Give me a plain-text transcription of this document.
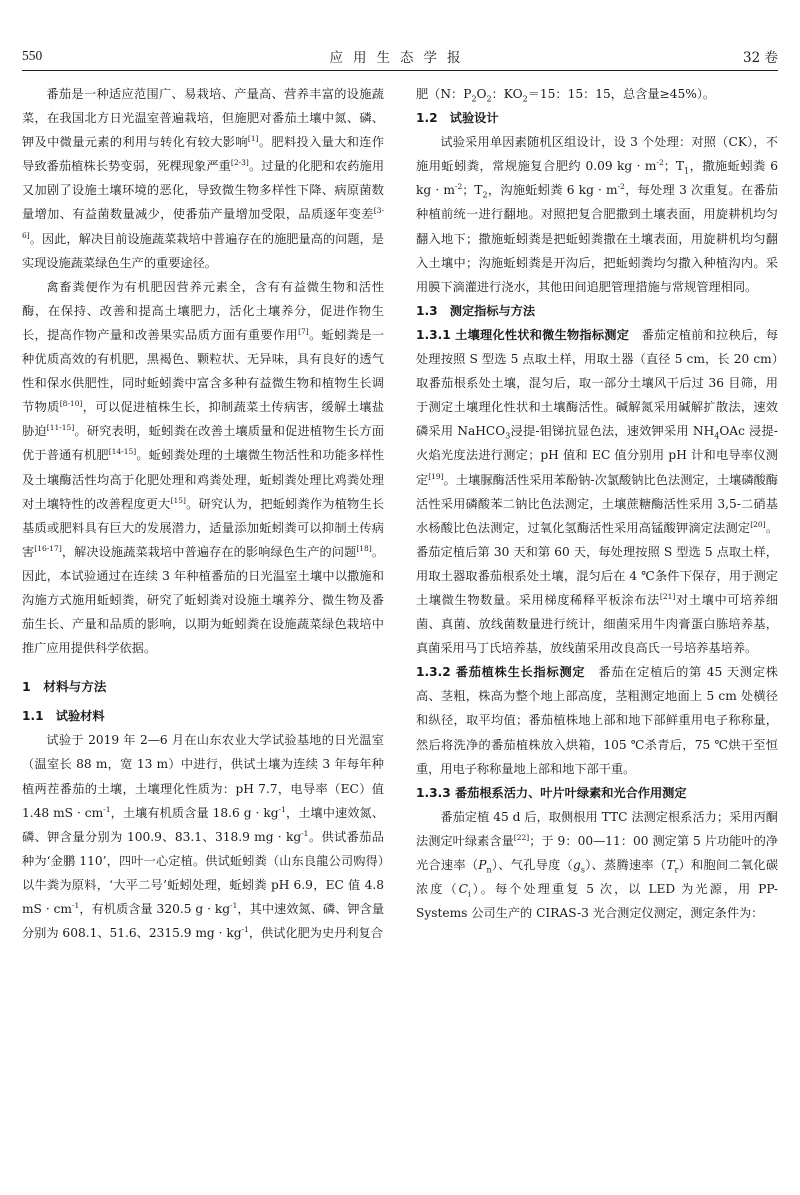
550	应用生态学报	32 卷

番茄是一种适应范围广、易栽培、产量高、营养丰富的设施蔬菜，在我国北方日光温室普遍栽培，但施肥对番茄土壤中氮、磷、钾及中微量元素的利用与转化有较大影响[1]。肥料投入量大和连作导致番茄植株长势变弱，死棵现象严重[2-3]。过量的化肥和农药施用又加剧了设施土壤环境的恶化，导致微生物多样性下降、病原菌数量增加、有益菌数量减少，使番茄产量增加受限，品质逐年变差[3-6]。因此，解决目前设施蔬菜栽培中普遍存在的施肥量高的问题，是实现设施蔬菜绿色生产的重要途径。

禽畜粪便作为有机肥因营养元素全，含有有益微生物和活性酶，在保持、改善和提高土壤肥力，活化土壤养分，促进作物生长，提高作物产量和改善果实品质方面有重要作用[7]。蚯蚓粪是一种优质高效的有机肥，黑褐色、颗粒状、无异味，具有良好的透气性和保水供肥性，同时蚯蚓粪中富含多种有益微生物和植物生长调节物质[8-10]，可以促进植株生长，抑制蔬菜土传病害，缓解土壤盐胁迫[11-15]。研究表明，蚯蚓粪在改善土壤质量和促进植物生长方面优于普通有机肥[14-15]。蚯蚓粪处理的土壤微生物活性和功能多样性及土壤酶活性均高于化肥处理和鸡粪处理，蚯蚓粪处理比鸡粪处理对土壤特性的改善程度更大[15]。研究认为，把蚯蚓粪作为植物生长基质或肥料具有巨大的发展潜力，适量添加蚯蚓粪可以抑制土传病害[16-17]，解决设施蔬菜栽培中普遍存在的影响绿色生产的问题[18]。因此，本试验通过在连续 3 年种植番茄的日光温室土壤中以撒施和沟施方式施用蚯蚓粪，研究了蚯蚓粪对设施土壤养分、微生物及番茄生长、产量和品质的影响，以期为蚯蚓粪在设施蔬菜绿色栽培中推广应用提供科学依据。

1　材料与方法
1.1　试验材料

试验于 2019 年 2—6 月在山东农业大学试验基地的日光温室（温室长 88 m，宽 13 m）中进行，供试土壤为连续 3 年每年种植两茬番茄的土壤，土壤理化性质为：pH 7.7，电导率（EC）值 1.48 mS · $cm^{-1}$，土壤有机质含量 18.6 $g \cdot kg^{-1}$，土壤中速效氮、磷、钾含量分别为 100.9、83.1、318.9 mg · $kg^{-1}$。供试番茄品种为‘金鹏 110’，四叶一心定植。供试蚯蚓粪（山东良龍公司购得）以牛粪为原料，‘大平二号’蚯蚓处理，蚯蚓粪 pH 6.9，EC 值 4.8 mS · $cm^{-1}$，有机质含量 320.5 $g \cdot kg^{-1}$，其中速效氮、磷、钾含量分别为 608.1、51.6、2315.9 mg · $kg^{-1}$，供试化肥为史丹利复合

肥（N：$P_2O_2$：$KO_2=15$：15：15，总含量≥45%）。

1.2　试验设计

试验采用单因素随机区组设计，设 3 个处理：对照（CK），不施用蚯蚓粪，常规施复合肥约 0.09 kg · $m^{-2}$；$T_1$，撒施蚯蚓粪 6 kg · $m^{-2}$；$T_2$，沟施蚯蚓粪 6 kg · $m^{-2}$，每处理 3 次重复。在番茄种植前统一进行翻地。对照把复合肥撒到土壤表面，用旋耕机均匀翻入地下；撒施蚯蚓粪是把蚯蚓粪撒在土壤表面，用旋耕机均匀翻入土壤中；沟施蚯蚓粪是开沟后，把蚯蚓粪均匀撒入种植沟内。采用膜下滴灌进行浇水，其他田间追肥管理措施与常规管理相同。

1.3　测定指标与方法

1.3.1 土壤理化性状和微生物指标测定　番茄定植前和拉秧后，每处理按照 S 型选 5 点取土样，用取土器（直径 5 cm，长 20 cm）取番茄根系处土壤，混匀后，取一部分土壤风干后过 36 目筛，用于测定土壤理化性状和土壤酶活性。碱解氮采用碱解扩散法，速效磷采用 NaHCO$_3$浸提-钼锑抗显色法，速效钾采用 $NH_4OAc$ 浸提-火焰光度法进行测定；pH 值和 EC 值分别用 pH 计和电导率仪测定[19]。土壤脲酶活性采用苯酚钠-次氯酸钠比色法测定，土壤磷酸酶活性采用磷酸苯二钠比色法测定，土壤蔗糖酶活性采用 3,5-二硝基水杨酸比色法测定，过氧化氢酶活性采用高锰酸钾滴定法测定[20]。番茄定植后第 30 天和第 60 天，每处理按照 S 型选 5 点取土样，用取土器取番茄根系处土壤，混匀后在 4 ℃条件下保存，用于测定土壤微生物数量。采用梯度稀释平板涂布法[21]对土壤中可培养细菌、真菌、放线菌数量进行统计，细菌采用牛肉膏蛋白胨培养基，真菌采用马丁氏培养基，放线菌采用改良高氏一号培养基培养。

1.3.2 番茄植株生长指标测定　番茄在定植后的第 45 天测定株高、茎粗，株高为整个地上部高度，茎粗测定地面上 5 cm 处横径和纵径，取平均值；番茄植株地上部和地下部鲜重用电子称称量，然后将洗净的番茄植株放入烘箱，105 ℃杀青后，75 ℃烘干至恒重，用电子称称量地上部和地下部干重。

1.3.3 番茄根系活力、叶片叶绿素和光合作用测定

番茄定植 45 d 后，取侧根用 TTC 法测定根系活力；采用丙酮法测定叶绿素含量[22]；于 9：00—11：00 测定第 5 片功能叶的净光合速率$(P_n)$、气孔导度$(g_s)$、蒸腾速率$(T_r)$和胞间二氧化碳浓度$(C_i)$。每个处理重复 5 次，以 LED 为光源，用 PP-Systems 公司生产的 CIRAS-3 光合测定仪测定，测定条件为：
